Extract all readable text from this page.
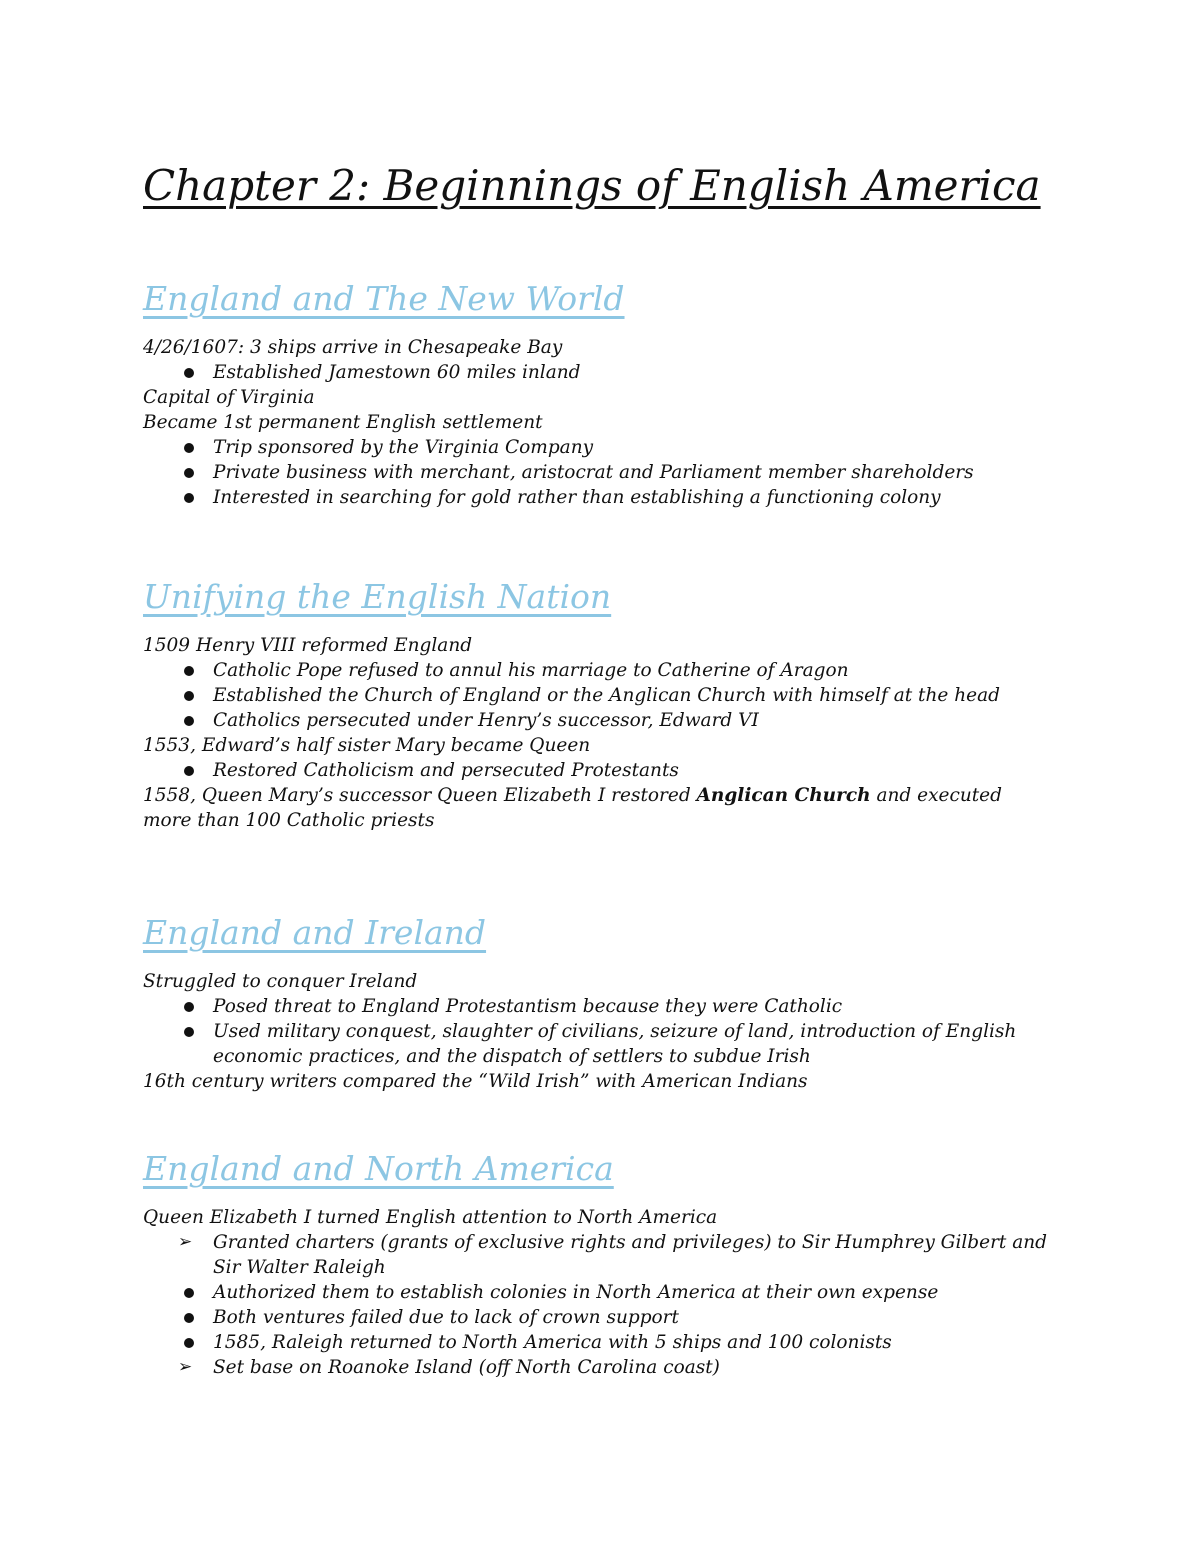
Chapter 2: Beginnings of English America
England and The New World
4/26/1607: 3 ships arrive in Chesapeake Bay
Established Jamestown 60 miles inland
Capital of Virginia
Became 1st permanent English settlement
Trip sponsored by the Virginia Company
Private business with merchant, aristocrat and Parliament member shareholders
Interested in searching for gold rather than establishing a functioning colony
Unifying the English Nation
1509 Henry VIII reformed England
Catholic Pope refused to annul his marriage to Catherine of Aragon
Established the Church of England or the Anglican Church with himself at the head
Catholics persecuted under Henry’s successor, Edward VI
1553, Edward’s half sister Mary became Queen
Restored Catholicism and persecuted Protestants
1558, Queen Mary’s successor Queen Elizabeth I restored Anglican Church and executed more than 100 Catholic priests
England and Ireland
Struggled to conquer Ireland
Posed threat to England Protestantism because they were Catholic
Used military conquest, slaughter of civilians, seizure of land, introduction of English economic practices, and the dispatch of settlers to subdue Irish
16th century writers compared the “Wild Irish” with American Indians
England and North America
Queen Elizabeth I turned English attention to North America
➢	Granted charters (grants of exclusive rights and privileges) to Sir Humphrey Gilbert and Sir Walter Raleigh
Authorized them to establish colonies in North America at their own expense
Both ventures failed due to lack of crown support
1585, Raleigh returned to North America with 5 ships and 100 colonists
➢	Set base on Roanoke Island (off North Carolina coast)
